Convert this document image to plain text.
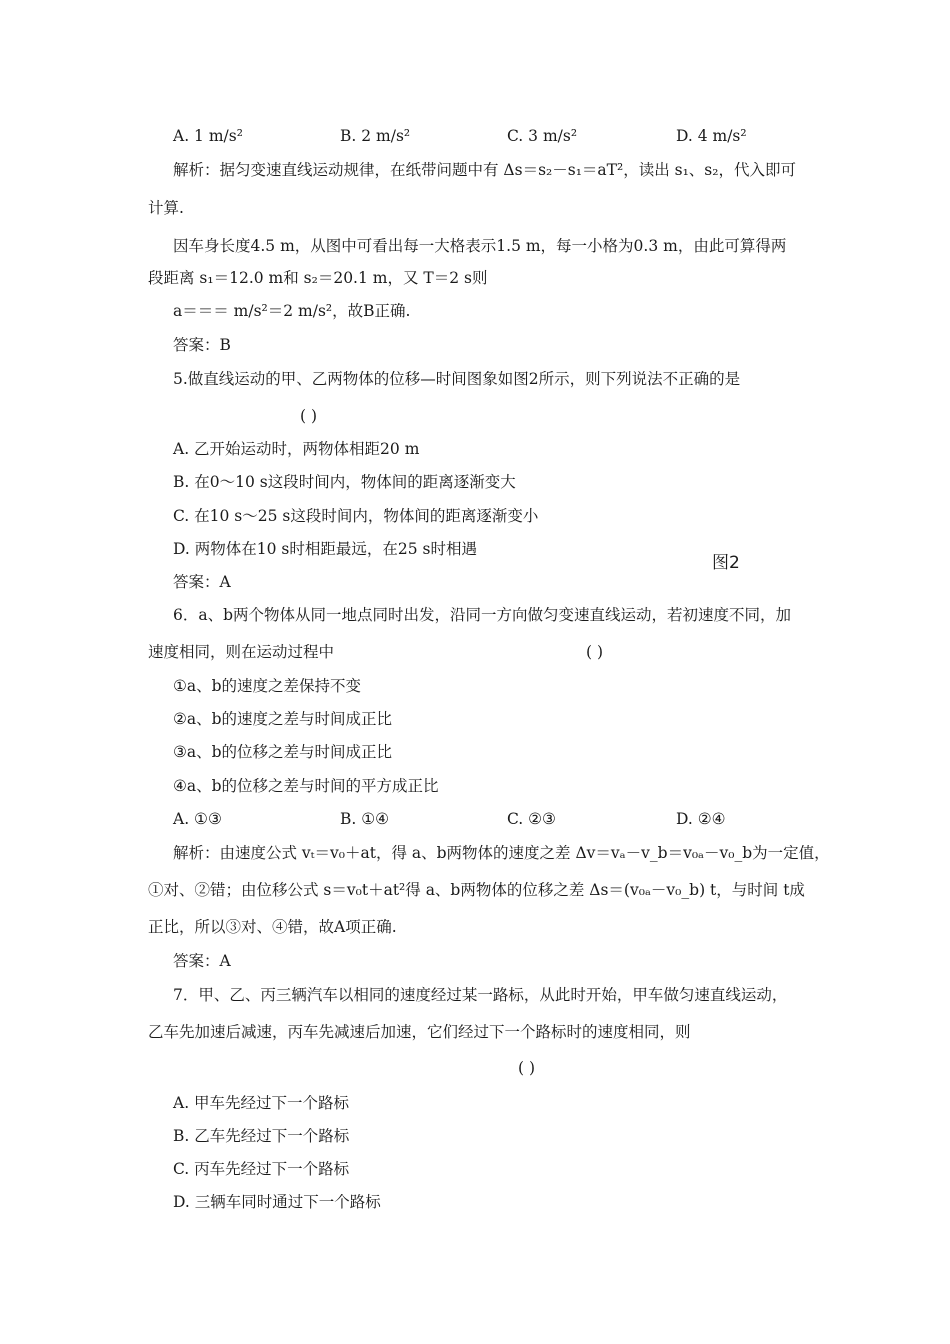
A. 1 m/s²	B. 2 m/s²	C. 3 m/s²	D. 4 m/s²
解析：据匀变速直线运动规律，在纸带问题中有 Δs＝s₂－s₁＝aT²，读出 s₁、s₂，代入即可
计算.
因车身长度4.5 m，从图中可看出每一大格表示1.5 m，每一小格为0.3 m，由此可算得两
段距离 s₁＝12.0 m和 s₂＝20.1 m，又 T＝2 s则
a＝＝＝ m/s²＝2 m/s²，故B正确.
答案：B
5.做直线运动的甲、乙两物体的位移—时间图象如图2所示，则下列说法不正确的是
( )
A. 乙开始运动时，两物体相距20 m
B. 在0～10 s这段时间内，物体间的距离逐渐变大
C. 在10 s～25 s这段时间内，物体间的距离逐渐变小
D. 两物体在10 s时相距最远，在25 s时相遇
图2
答案：A
6．a、b两个物体从同一地点同时出发，沿同一方向做匀变速直线运动，若初速度不同，加
速度相同，则在运动过程中	( )
①a、b的速度之差保持不变
②a、b的速度之差与时间成正比
③a、b的位移之差与时间成正比
④a、b的位移之差与时间的平方成正比
A. ①③	B. ①④	C. ②③	D. ②④
解析：由速度公式 vₜ＝v₀＋at，得 a、b两物体的速度之差 Δv＝vₐ－v_b＝v₀ₐ－v₀_b为一定值，
①对、②错；由位移公式 s＝v₀t＋at²得 a、b两物体的位移之差 Δs＝(v₀ₐ－v₀_b) t，与时间 t成
正比，所以③对、④错，故A项正确.
答案：A
7．甲、乙、丙三辆汽车以相同的速度经过某一路标，从此时开始，甲车做匀速直线运动，
乙车先加速后减速，丙车先减速后加速，它们经过下一个路标时的速度相同，则
( )
A. 甲车先经过下一个路标
B. 乙车先经过下一个路标
C. 丙车先经过下一个路标
D. 三辆车同时通过下一个路标
